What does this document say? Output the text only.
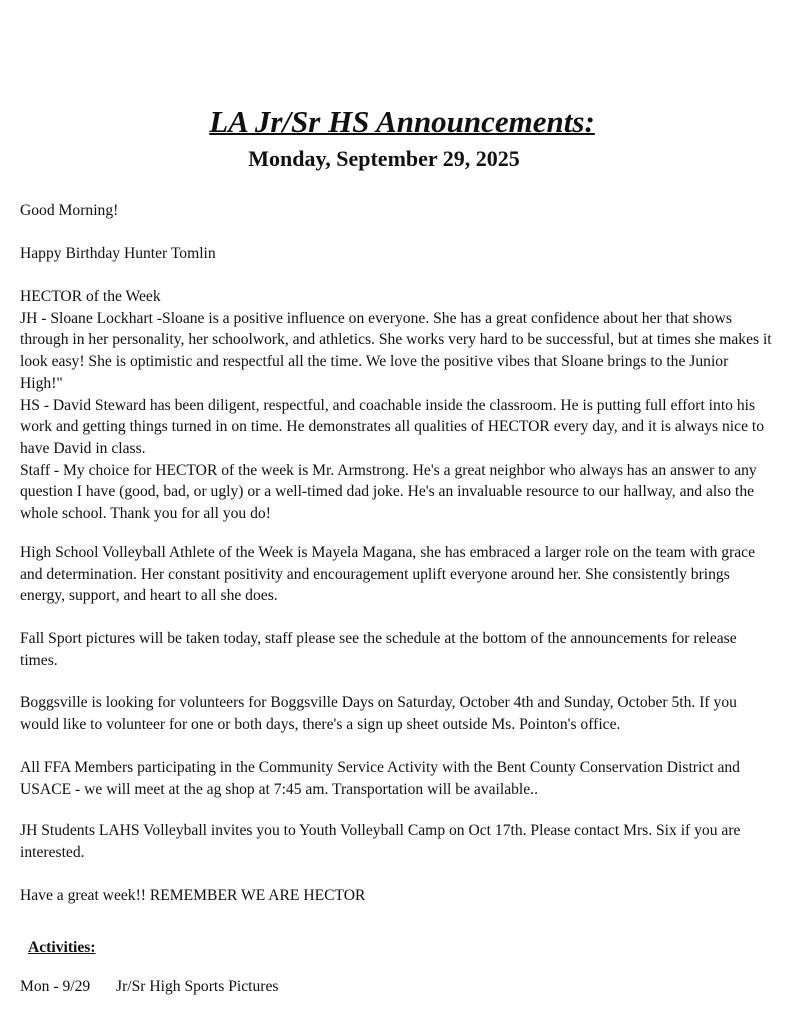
LA Jr/Sr HS Announcements:
Monday, September 29, 2025
Good Morning!
Happy Birthday Hunter Tomlin
HECTOR of the Week
JH - Sloane Lockhart -Sloane is a positive influence on everyone. She has a great confidence about her that shows
through in her personality, her schoolwork, and athletics. She works very hard to be successful, but at times she makes it
look easy! She is optimistic and respectful all the time. We love the positive vibes that Sloane brings to the Junior
High!"
HS - David Steward has been diligent, respectful, and coachable inside the classroom. He is putting full effort into his
work and getting things turned in on time. He demonstrates all qualities of HECTOR every day, and it is always nice to
have David in class.
Staff - My choice for HECTOR of the week is Mr. Armstrong. He's a great neighbor who always has an answer to any
question I have (good, bad, or ugly) or a well-timed dad joke. He's an invaluable resource to our hallway, and also the
whole school. Thank you for all you do!
High School Volleyball Athlete of the Week is Mayela Magana, she has embraced a larger role on the team with grace
and determination. Her constant positivity and encouragement uplift everyone around her. She consistently brings
energy, support, and heart to all she does.
Fall Sport pictures will be taken today, staff please see the schedule at the bottom of the announcements for release
times.
Boggsville is looking for volunteers for Boggsville Days on Saturday, October 4th and Sunday, October 5th. If you
would like to volunteer for one or both days, there's a sign up sheet outside Ms. Pointon's office.
All FFA Members participating in the Community Service Activity with the Bent County Conservation District and
USACE - we will meet at the ag shop at 7:45 am. Transportation will be available..
JH Students LAHS Volleyball invites you to Youth Volleyball Camp on Oct 17th. Please contact Mrs. Six if you are
interested.
Have a great week!! REMEMBER WE ARE HECTOR
Activities:
Mon - 9/29 Jr/Sr High Sports Pictures
